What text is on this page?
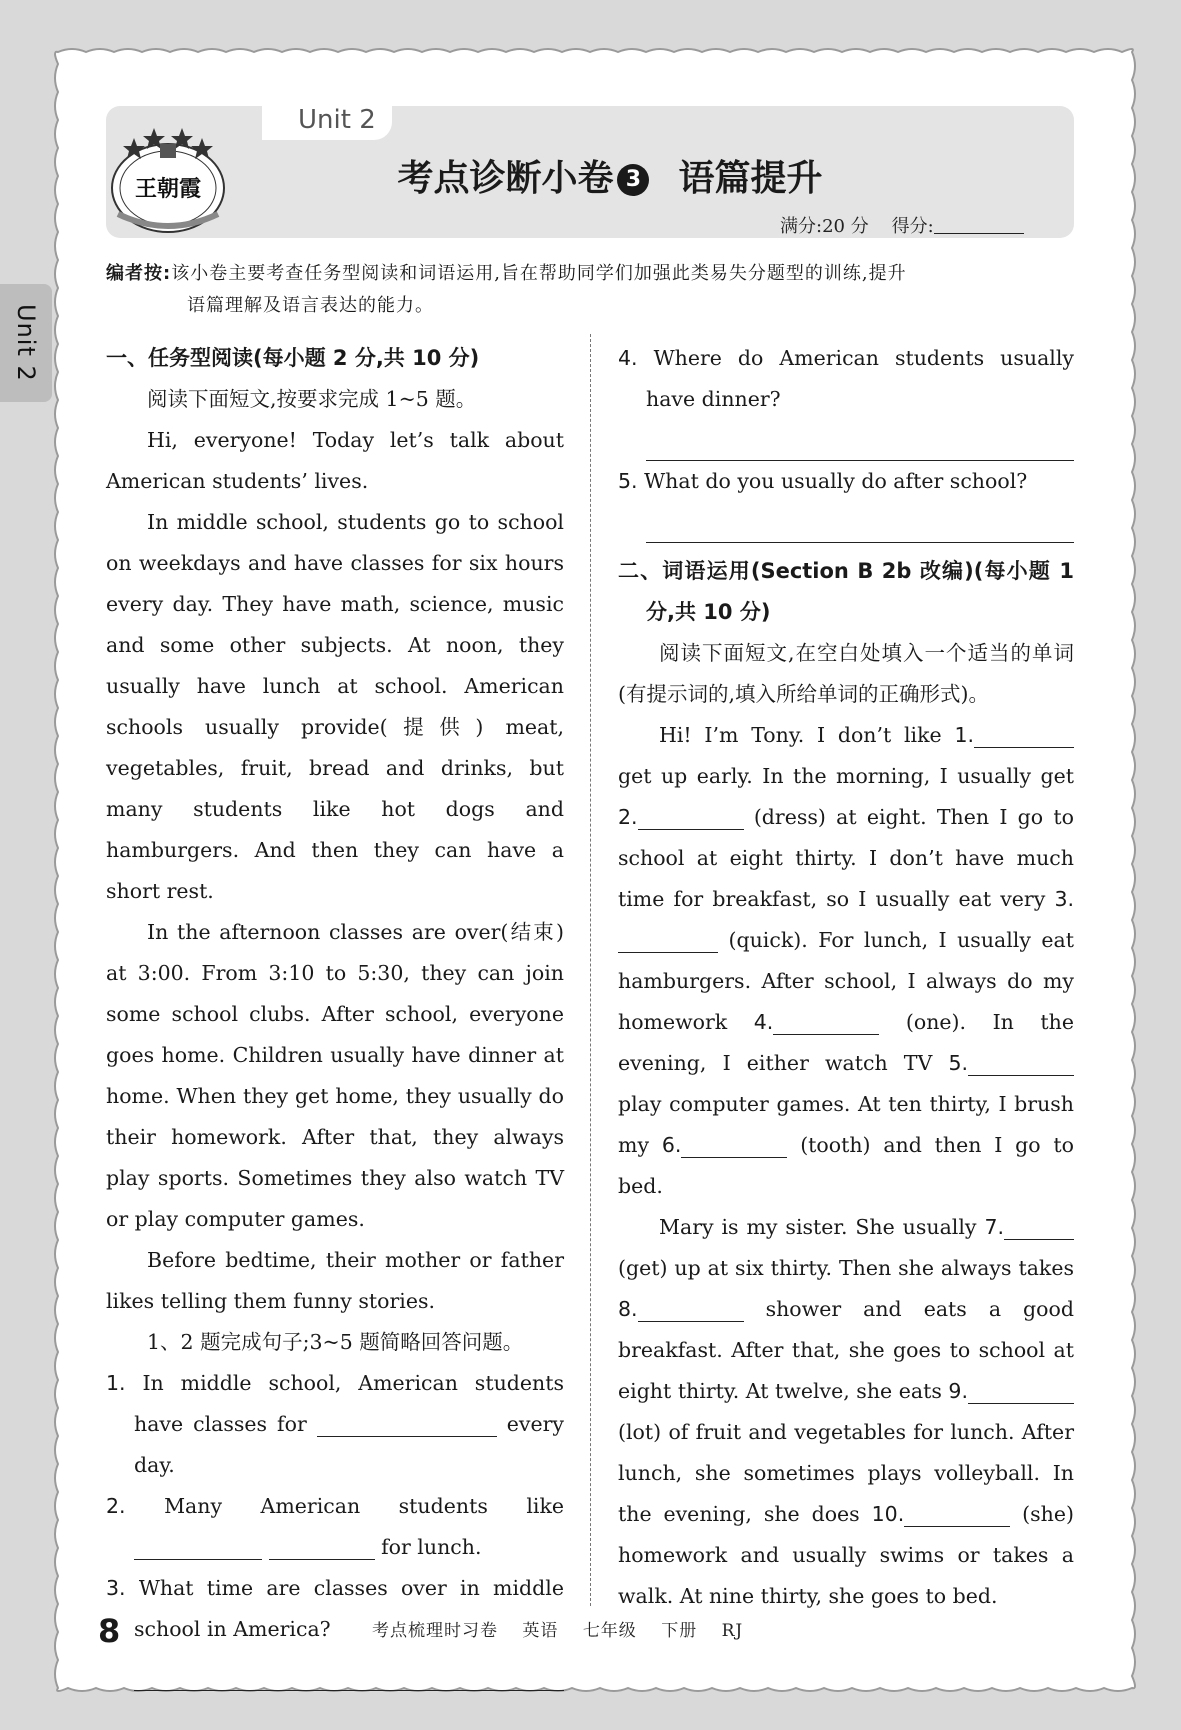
Unit 2
Unit 2
王朝霞	考点诊断小卷 3 语篇提升
满分:20 分 得分:
编者按:该小卷主要考查任务型阅读和词语运用,旨在帮助同学们加强此类易失分题型的训练,提升
语篇理解及语言表达的能力。

一、任务型阅读(每小题 2 分,共 10 分)

阅读下面短文,按要求完成 1~5 题。

Hi, everyone! Today let’s talk about American students’ lives.

In middle school, students go to school on weekdays and have classes for six hours every day. They have math, science, music and some other subjects. At noon, they usually have lunch at school. American schools usually provide(提供) meat, vegetables, fruit, bread and drinks, but many students like hot dogs and hamburgers. And then they can have a short rest.

In the afternoon classes are over(结束) at 3:00. From 3:10 to 5:30, they can join some school clubs. After school, everyone goes home. Children usually have dinner at home. When they get home, they usually do their homework. After that, they always play sports. Sometimes they also watch TV or play computer games.

Before bedtime, their mother or father likes telling them funny stories.

1、2 题完成句子;3~5 题简略回答问题。

1. In middle school, American students have classes for	every day.

2. Many American students like   for lunch.

3. What time are classes over in middle school in America?

4. Where do American students usually have dinner?

5. What do you usually do after school?

二、词语运用(Section B 2b 改编)(每小题 1 分,共 10 分)

阅读下面短文,在空白处填入一个适当的单词(有提示词的,填入所给单词的正确形式)。

Hi! I’m Tony. I don’t like 1. get up early. In the morning, I usually get 2.	(dress) at eight. Then I go to school at eight thirty. I don’t have much time for breakfast, so I usually eat very 3. (quick). For lunch, I usually eat hamburgers. After school, I always do my homework 4.	(one). In the evening, I either watch TV 5. play computer games. At ten thirty, I brush my 6.	(tooth) and then I go to bed.

Mary is my sister. She usually 7. (get) up at six thirty. Then she always takes 8.	shower and eats a good breakfast. After that, she goes to school at eight thirty. At twelve, she eats 9. (lot) of fruit and vegetables for lunch. After lunch, she sometimes plays volleyball. In the evening, she does 10.	(she) homework and usually swims or takes a walk. At nine thirty, she goes to bed.

8	考点梳理时习卷 英语 七年级 下册 RJ
